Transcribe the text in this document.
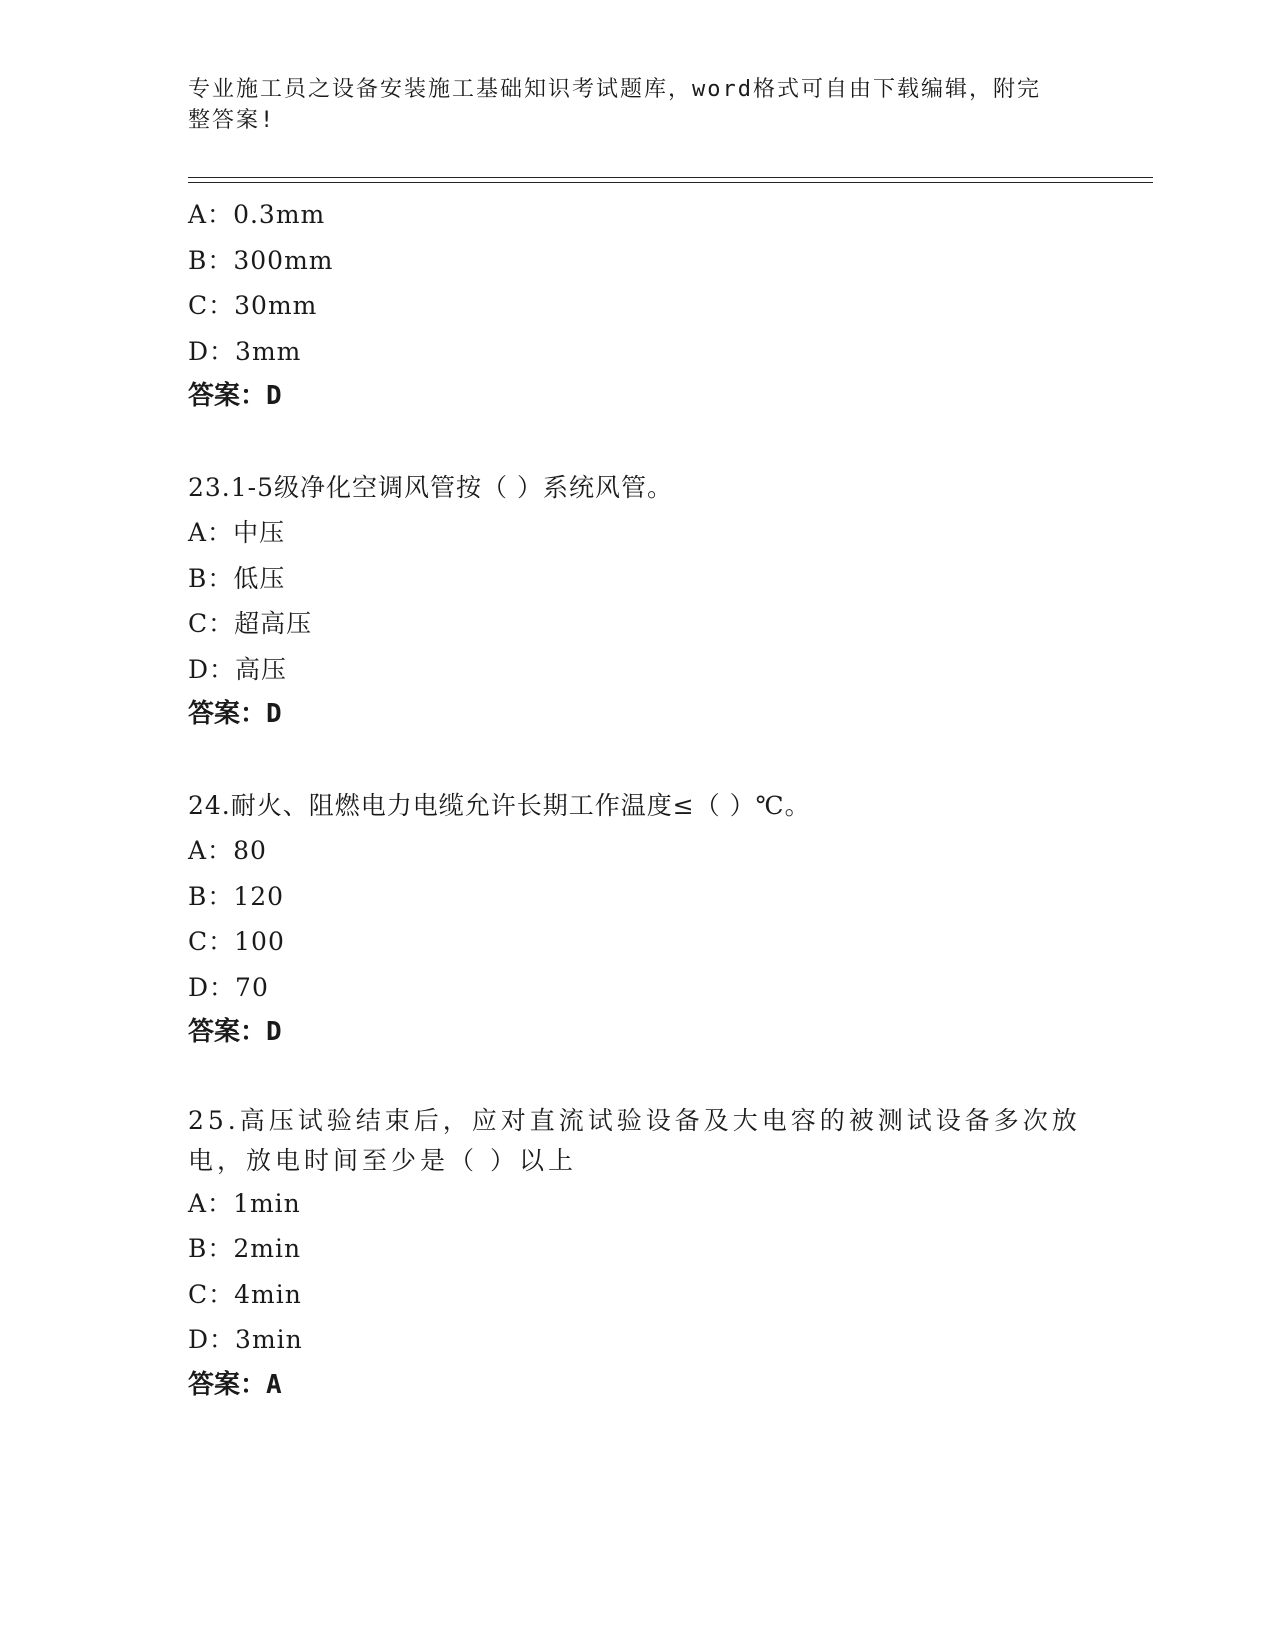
专业施工员之设备安装施工基础知识考试题库，word格式可自由下载编辑，附完
整答案!
A：0.3mm
B：300mm
C：30mm
D：3mm
答案：D
23.1-5级净化空调风管按（ ）系统风管。
A：中压
B：低压
C：超高压
D：高压
答案：D
24.耐火、阻燃电力电缆允许长期工作温度≤（ ）℃。
A：80
B：120
C：100
D：70
答案：D
25.高压试验结束后，应对直流试验设备及大电容的被测试设备多次放
电，放电时间至少是（ ）以上
A：1min
B：2min
C：4min
D：3min
答案：A
